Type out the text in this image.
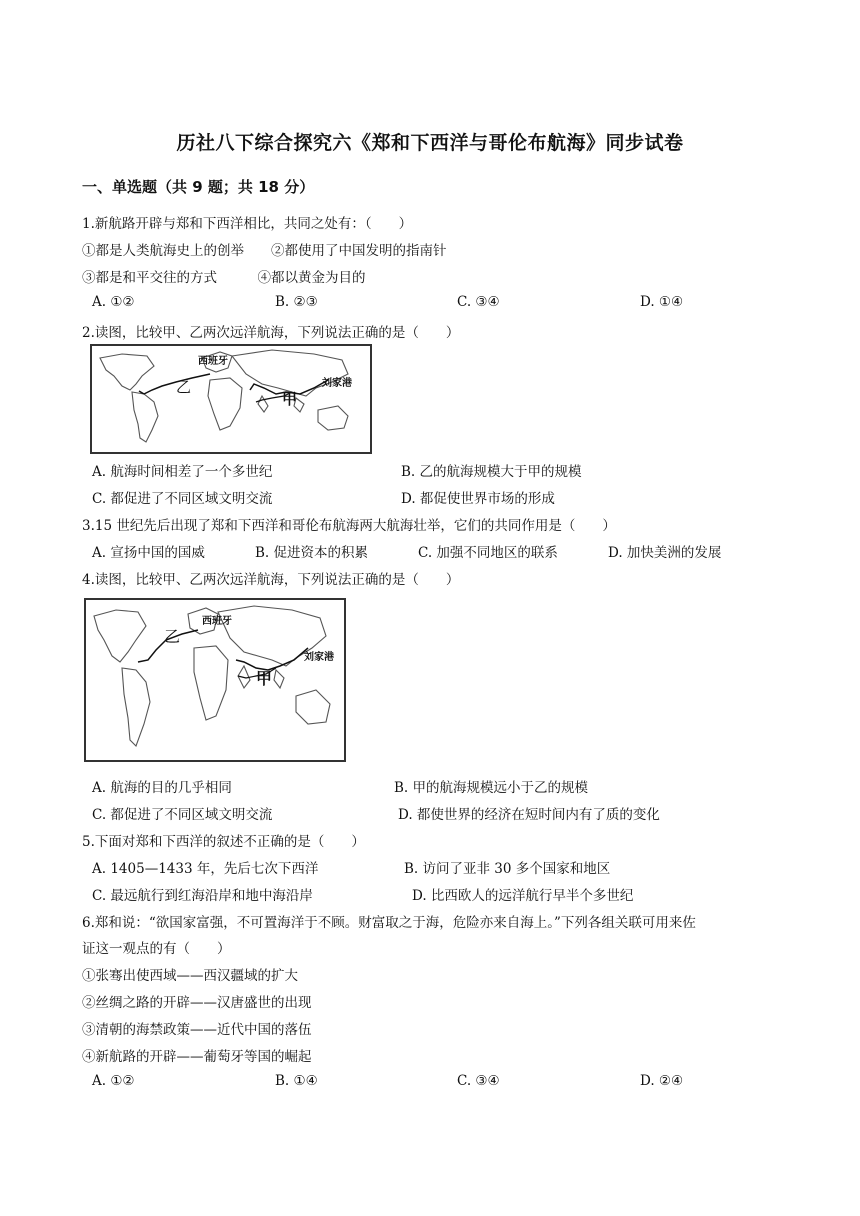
历社八下综合探究六《郑和下西洋与哥伦布航海》同步试卷
一、单选题（共 9 题；共 18 分）
1.新航路开辟与郑和下西洋相比，共同之处有：（　　）
①都是人类航海史上的创举　　②都使用了中国发明的指南针
③都是和平交往的方式　　　④都以黄金为目的
A. ①②	B. ②③	C. ③④	D. ①④
2.读图，比较甲、乙两次远洋航海，下列说法正确的是（　　）
西班牙
乙
甲
刘家港
A. 航海时间相差了一个多世纪	B. 乙的航海规模大于甲的规模
C. 都促进了不同区域文明交流	D. 都促使世界市场的形成
3.15 世纪先后出现了郑和下西洋和哥伦布航海两大航海壮举，它们的共同作用是（　　）
A. 宣扬中国的国威	B. 促进资本的积累	C. 加强不同地区的联系	D. 加快美洲的发展
4.读图，比较甲、乙两次远洋航海，下列说法正确的是（　　）
西班牙
乙
甲
刘家港
A. 航海的目的几乎相同	B. 甲的航海规模远小于乙的规模
C. 都促进了不同区域文明交流	D. 都使世界的经济在短时间内有了质的变化
5.下面对郑和下西洋的叙述不正确的是（　　）
A. 1405—1433 年，先后七次下西洋	B. 访问了亚非 30 多个国家和地区
C. 最远航行到红海沿岸和地中海沿岸	D. 比西欧人的远洋航行早半个多世纪
6.郑和说：“欲国家富强，不可置海洋于不顾。财富取之于海，危险亦来自海上。”下列各组关联可用来佐
证这一观点的有（　　）
①张骞出使西域——西汉疆域的扩大
②丝绸之路的开辟——汉唐盛世的出现
③清朝的海禁政策——近代中国的落伍
④新航路的开辟——葡萄牙等国的崛起
A. ①②	B. ①④	C. ③④	D. ②④
